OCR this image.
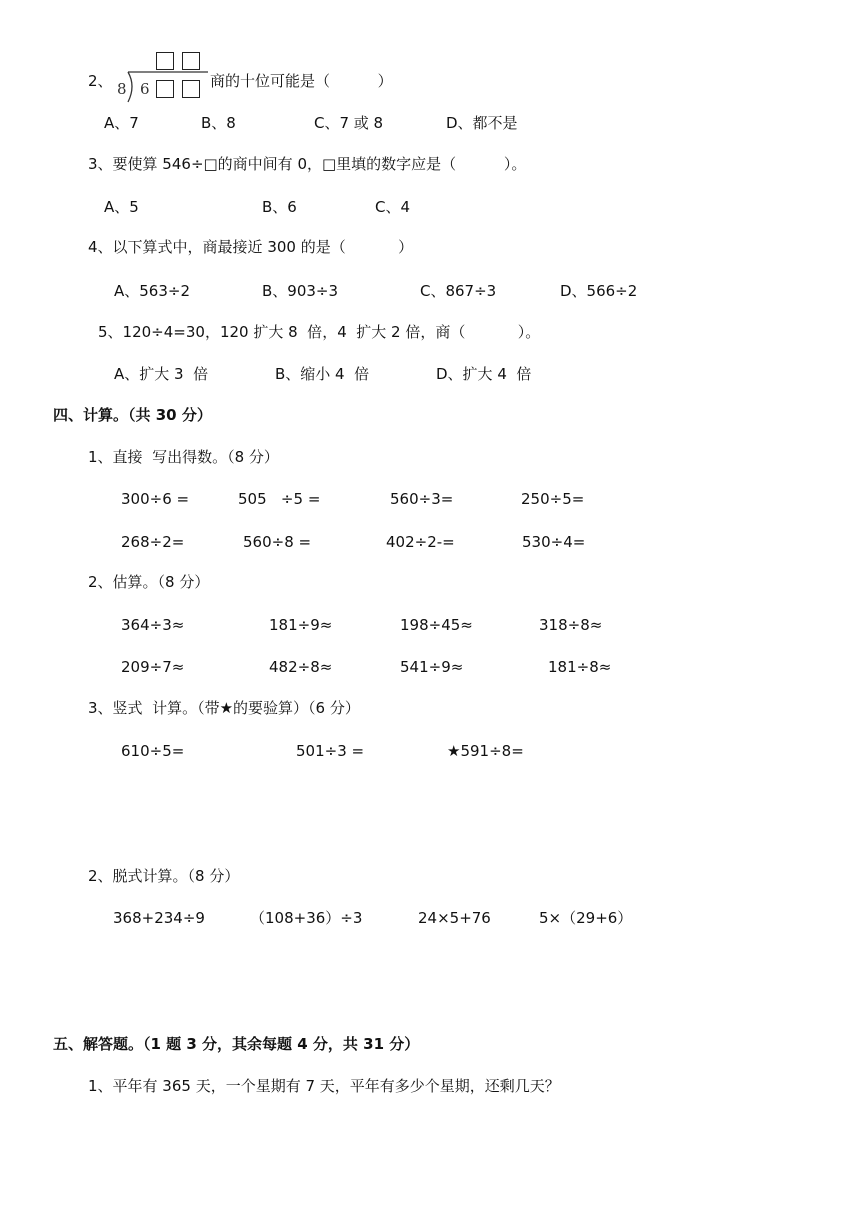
2、 8 6	商的十位可能是（          ）
A、7	B、8	C、7 或 8	D、都不是
3、要使算 546÷□的商中间有 0，□里填的数字应是（          ）。
A、5	B、6	C、4
4、以下算式中，商最接近 300 的是（           ）
A、563÷2	B、903÷3	C、867÷3	D、566÷2
5、120÷4=30，120 扩大 8  倍，4  扩大 2 倍，商（           ）。
A、扩大 3  倍	B、缩小 4  倍	D、扩大 4  倍
四、计算。（共 30 分）
1、直接  写出得数。（8 分）
300÷6 =	505   ÷5 =	560÷3=	250÷5=
268÷2=	560÷8 =	402÷2-=	530÷4=
2、估算。（8 分）
364÷3≈	181÷9≈	198÷45≈	318÷8≈
209÷7≈	482÷8≈	541÷9≈	181÷8≈
3、竖式  计算。（带★的要验算）（6 分）
610÷5=	501÷3 =	★591÷8=
2、脱式计算。（8 分）
368+234÷9	（108+36）÷3	24×5+76	5×（29+6）
五、解答题。（1 题 3 分，其余每题 4 分，共 31 分）
1、平年有 365 天，一个星期有 7 天，平年有多少个星期，还剩几天？
